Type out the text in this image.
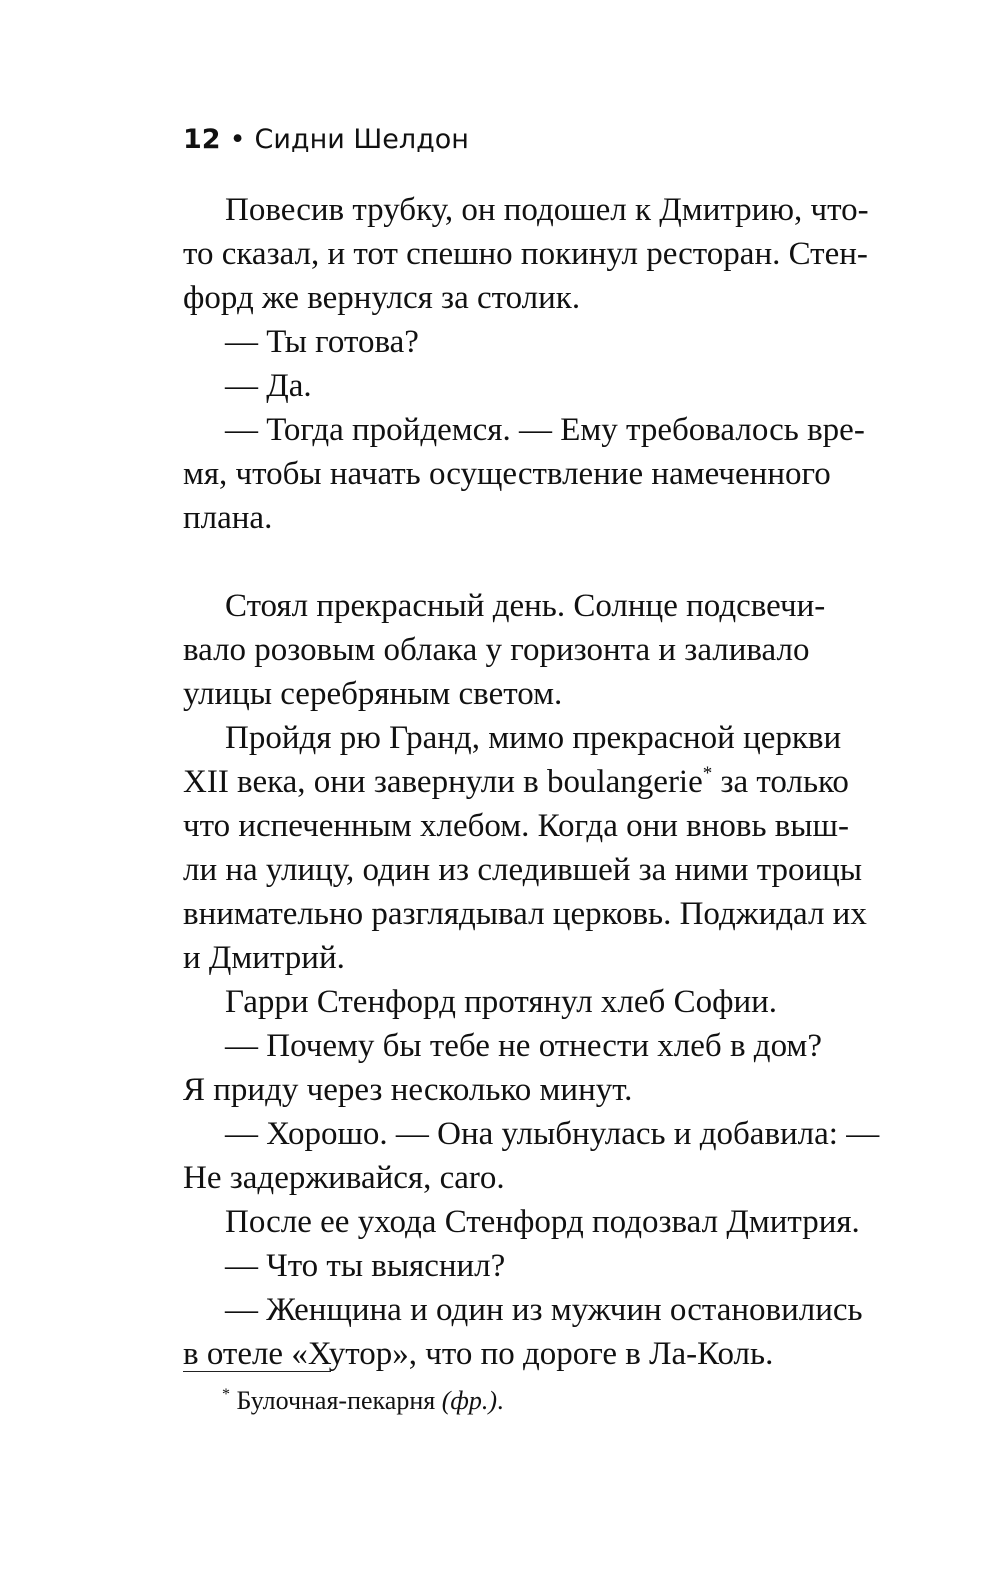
12 • Сидни Шелдон
Повесив трубку, он подошел к Дмитрию, что-
то сказал, и тот спешно покинул ресторан. Стен-
форд же вернулся за столик.
— Ты готова?
— Да.
— Тогда пройдемся. — Ему требовалось вре-
мя, чтобы начать осуществление намеченного
плана.
Стоял прекрасный день. Солнце подсвечи-
вало розовым облака у горизонта и заливало
улицы серебряным светом.
Пройдя рю Гранд, мимо прекрасной церкви
XII века, они завернули в boulangerie* за только
что испеченным хлебом. Когда они вновь выш-
ли на улицу, один из следившей за ними троицы
внимательно разглядывал церковь. Поджидал их
и Дмитрий.
Гарри Стенфорд протянул хлеб Софии.
— Почему бы тебе не отнести хлеб в дом?
Я приду через несколько минут.
— Хорошо. — Она улыбнулась и добавила: —
Не задерживайся, caro.
После ее ухода Стенфорд подозвал Дмитрия.
— Что ты выяснил?
— Женщина и один из мужчин остановились
в отеле «Хутор», что по дороге в Ла-Коль.
* Булочная-пекарня (фр.).
